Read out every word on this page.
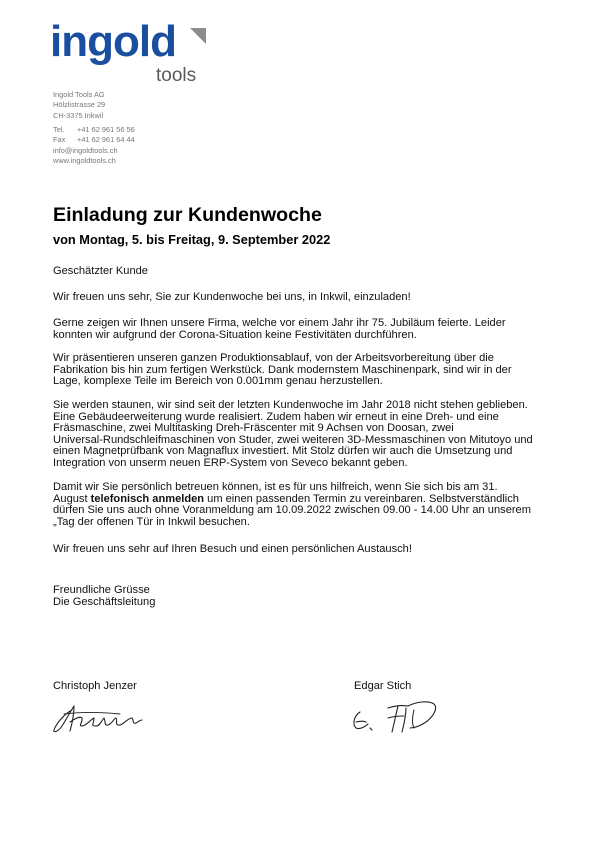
ingold
tools
Ingold Tools AG
Hölzlistrasse 29
CH-3375 Inkwil
Tel. +41 62 961 56 56
Fax +41 62 961 64 44
info@ingoldtools.ch
www.ingoldtools.ch
Einladung zur Kundenwoche
von Montag, 5. bis Freitag, 9. September 2022
Geschätzter Kunde
Wir freuen uns sehr, Sie zur Kundenwoche bei uns, in Inkwil, einzuladen!
Gerne zeigen wir Ihnen unsere Firma, welche vor einem Jahr ihr 75. Jubiläum feierte. Leider
konnten wir aufgrund der Corona-Situation keine Festivitäten durchführen.
Wir präsentieren unseren ganzen Produktionsablauf, von der Arbeitsvorbereitung über die
Fabrikation bis hin zum fertigen Werkstück. Dank modernstem Maschinenpark, sind wir in der
Lage, komplexe Teile im Bereich von 0.001mm genau herzustellen.
Sie werden staunen, wir sind seit der letzten Kundenwoche im Jahr 2018 nicht stehen geblieben.
Eine Gebäudeerweiterung wurde realisiert. Zudem haben wir erneut in eine Dreh- und eine
Fräsmaschine, zwei Multitasking Dreh-Fräscenter mit 9 Achsen von Doosan, zwei
Universal-Rundschleifmaschinen von Studer, zwei weiteren 3D-Messmaschinen von Mitutoyo und
einen Magnetprüfbank von Magnaflux investiert. Mit Stolz dürfen wir auch die Umsetzung und
Integration von unserm neuen ERP-System von Seveco bekannt geben.
Damit wir Sie persönlich betreuen können, ist es für uns hilfreich, wenn Sie sich bis am 31.
August telefonisch anmelden um einen passenden Termin zu vereinbaren. Selbstverständlich
dürfen Sie uns auch ohne Voranmeldung am 10.09.2022 zwischen 09.00 - 14.00 Uhr an unserem
„Tag der offenen Tür in Inkwil besuchen.
Wir freuen uns sehr auf Ihren Besuch und einen persönlichen Austausch!
Freundliche Grüsse
Die Geschäftsleitung
Christoph Jenzer	Edgar Stich
